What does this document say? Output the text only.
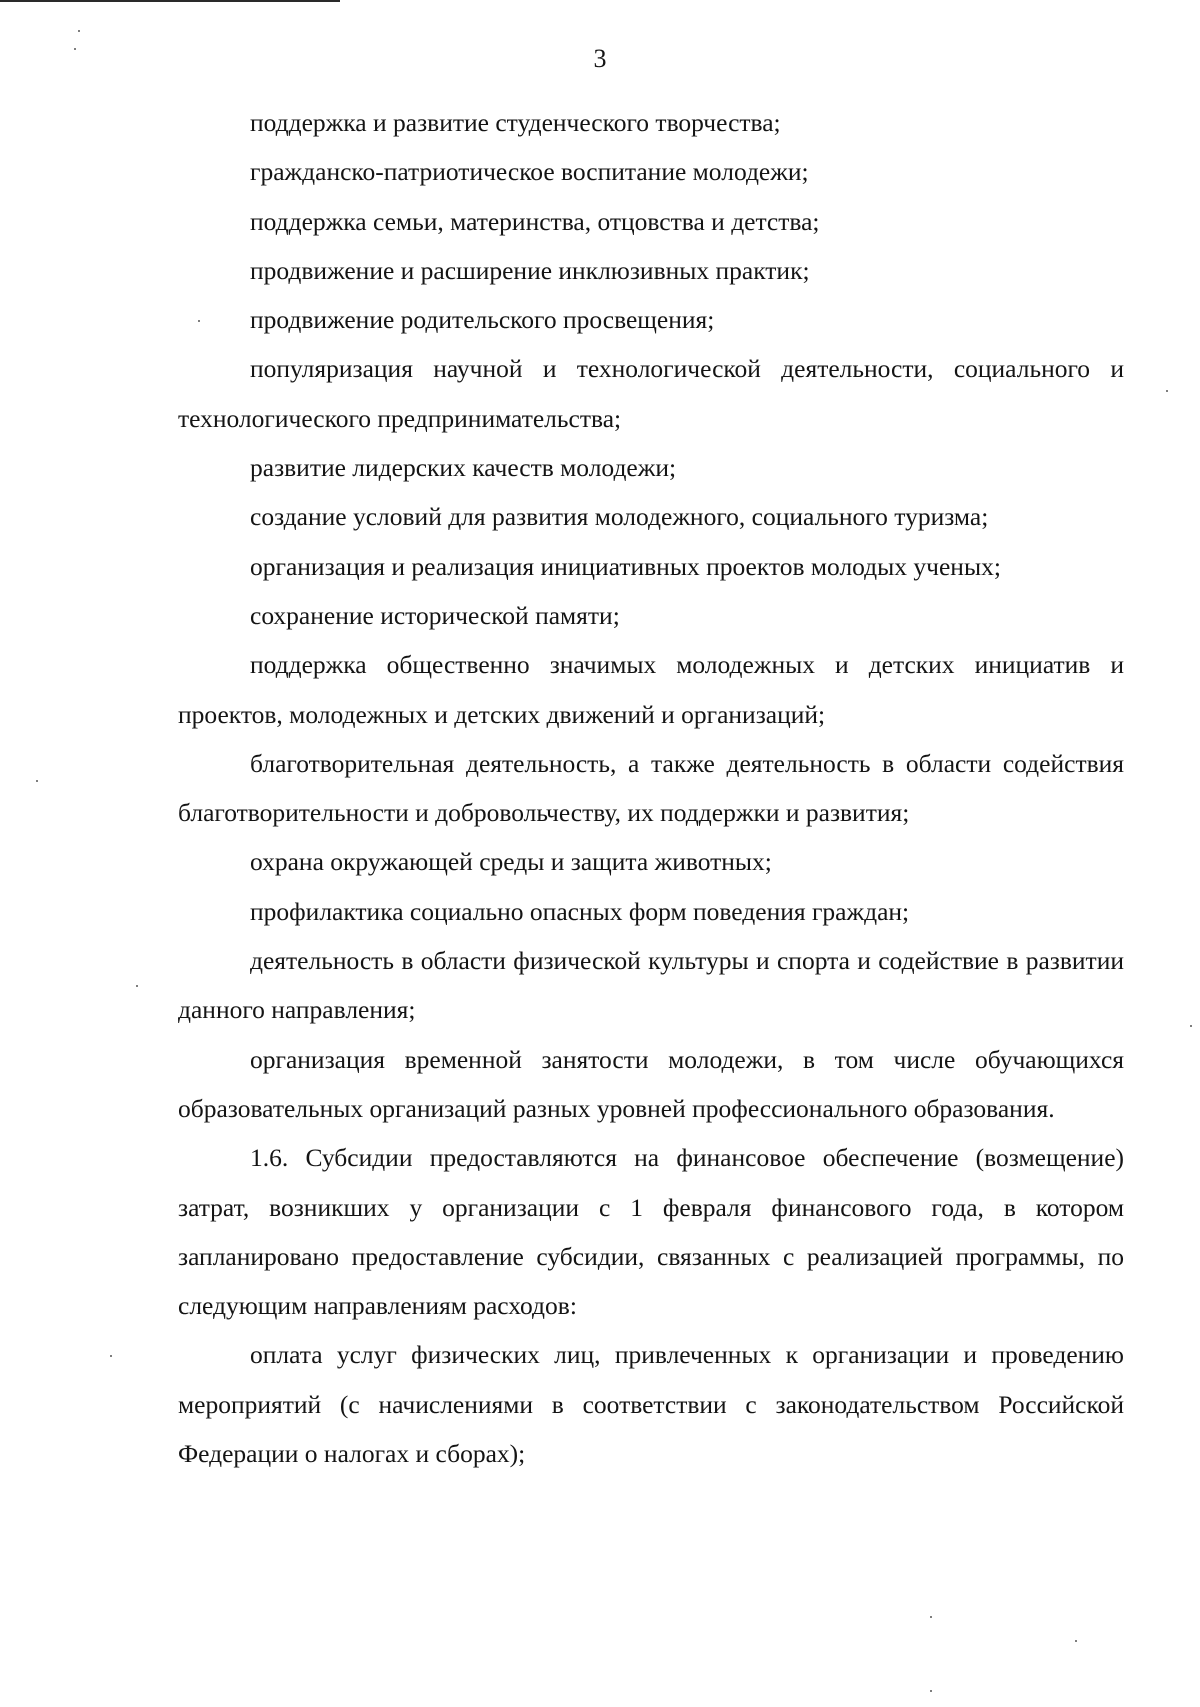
3

поддержка и развитие студенческого творчества;

гражданско-патриотическое воспитание молодежи;

поддержка семьи, материнства, отцовства и детства;

продвижение и расширение инклюзивных практик;

продвижение родительского просвещения;

популяризация научной и технологической деятельности, социального и технологического предпринимательства;

развитие лидерских качеств молодежи;

создание условий для развития молодежного, социального туризма;

организация и реализация инициативных проектов молодых ученых;

сохранение исторической памяти;

поддержка общественно значимых молодежных и детских инициатив и проектов, молодежных и детских движений и организаций;

благотворительная деятельность, а также деятельность в области содействия благотворительности и добровольчеству, их поддержки и развития;

охрана окружающей среды и защита животных;

профилактика социально опасных форм поведения граждан;

деятельность в области физической культуры и спорта и содействие в развитии данного направления;

организация временной занятости молодежи, в том числе обучающихся образовательных организаций разных уровней профессионального образования.

1.6. Субсидии предоставляются на финансовое обеспечение (возмещение) затрат, возникших у организации с 1 февраля финансового года, в котором запланировано предоставление субсидии, связанных с реализацией программы, по следующим направлениям расходов:

оплата услуг физических лиц, привлеченных к организации и проведению мероприятий (с начислениями в соответствии с законодательством Российской Федерации о налогах и сборах);
